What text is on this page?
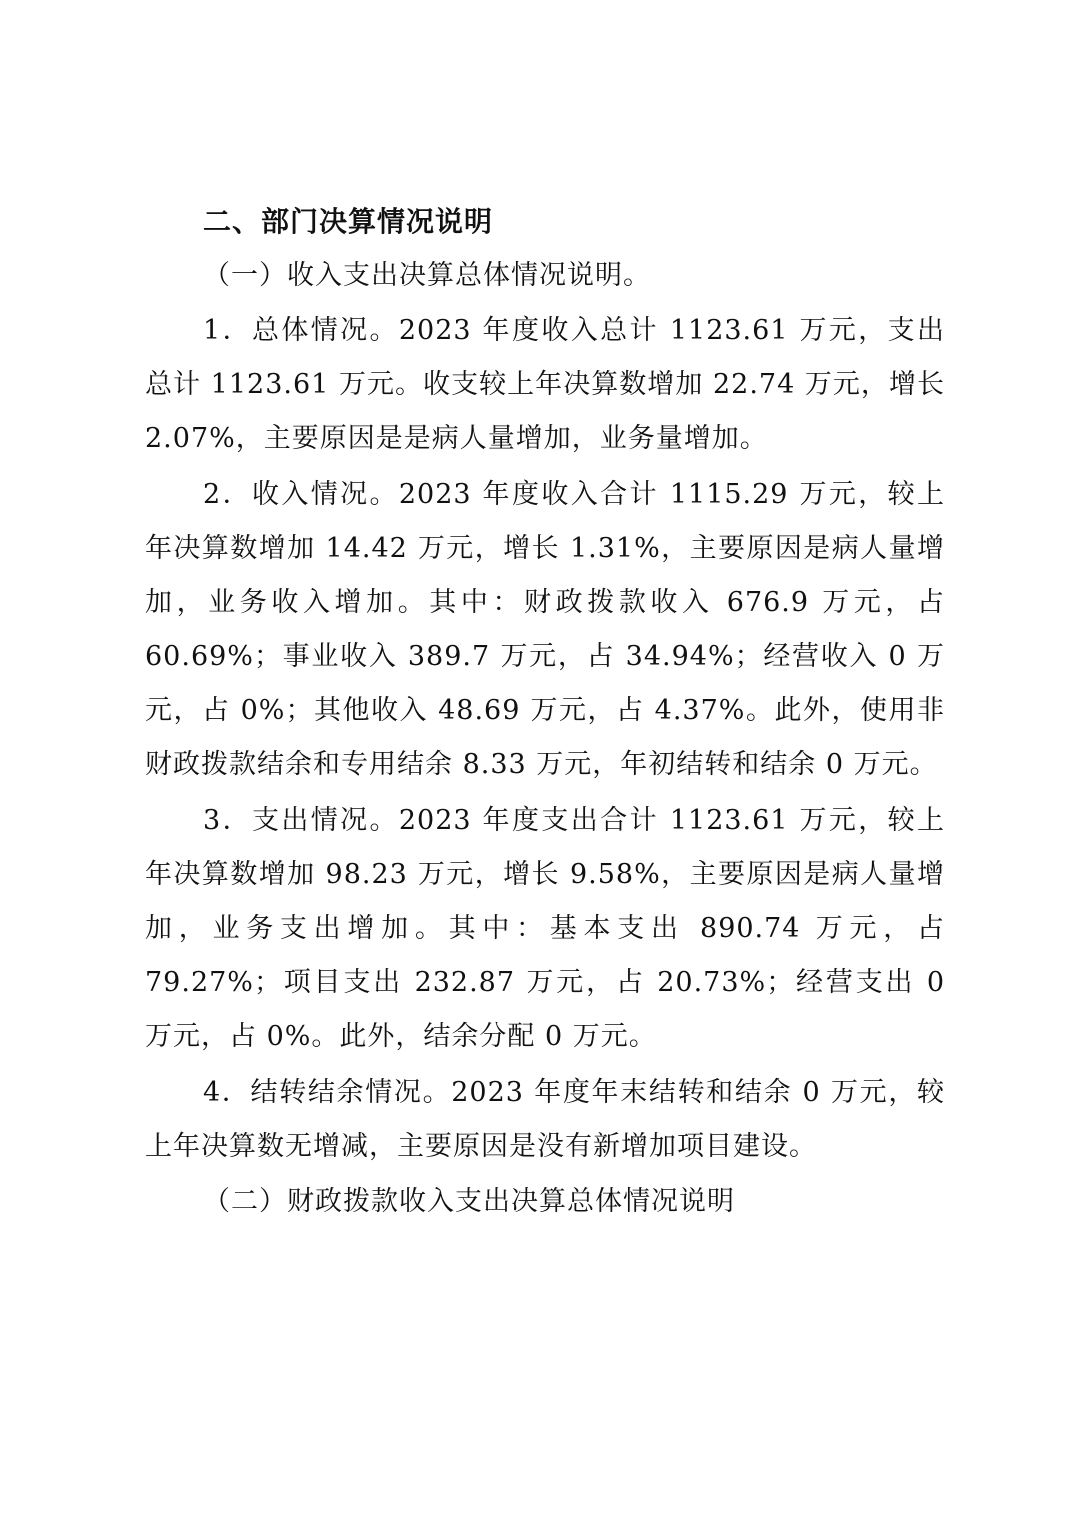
二、部门决算情况说明
（一）收入支出决算总体情况说明。

1．总体情况。2023 年度收入总计 1123.61 万元，支出总计 1123.61 万元。收支较上年决算数增加 22.74 万元，增长 2.07%，主要原因是是病人量增加，业务量增加。

2．收入情况。2023 年度收入合计 1115.29 万元，较上年决算数增加 14.42 万元，增长 1.31%，主要原因是病人量增加，业务收入增加。其中：财政拨款收入 676.9 万元，占 60.69%；事业收入 389.7 万元，占 34.94%；经营收入 0 万元，占 0%；其他收入 48.69 万元，占 4.37%。此外，使用非财政拨款结余和专用结余 8.33 万元，年初结转和结余 0 万元。

3．支出情况。2023 年度支出合计 1123.61 万元，较上年决算数增加 98.23 万元，增长 9.58%，主要原因是病人量增加，业务支出增加。其中：基本支出 890.74 万元，占 79.27%；项目支出 232.87 万元，占 20.73%；经营支出 0 万元，占 0%。此外，结余分配 0 万元。

4．结转结余情况。2023 年度年末结转和结余 0 万元，较上年决算数无增减，主要原因是没有新增加项目建设。

（二）财政拨款收入支出决算总体情况说明
